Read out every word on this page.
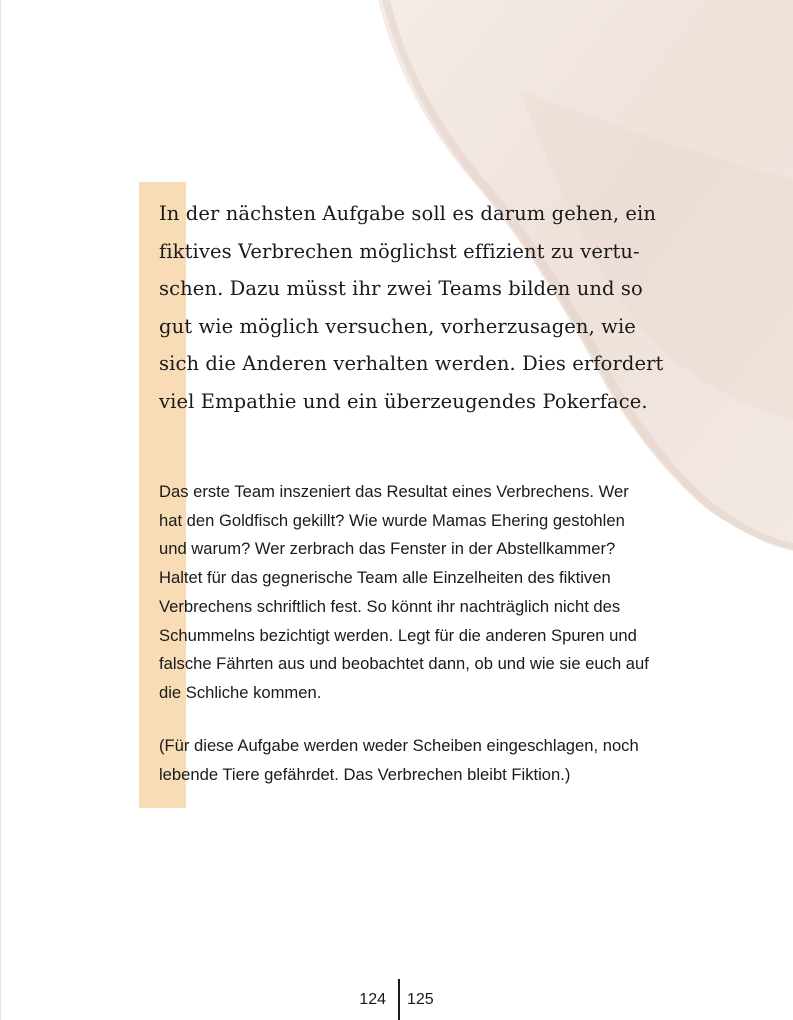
In der nächsten Aufgabe soll es darum gehen, ein
fiktives Verbrechen möglichst effizient zu vertu-
schen. Dazu müsst ihr zwei Teams bilden und so
gut wie möglich versuchen, vorherzusagen, wie
sich die Anderen verhalten werden. Dies erfordert
viel Empathie und ein überzeugendes Pokerface.

Das erste Team inszeniert das Resultat eines Verbrechens. Wer
hat den Goldfisch gekillt? Wie wurde Mamas Ehering gestohlen
und warum? Wer zerbrach das Fenster in der Abstellkammer?
Haltet für das gegnerische Team alle Einzelheiten des fiktiven
Verbrechens schriftlich fest. So könnt ihr nachträglich nicht des
Schummelns bezichtigt werden. Legt für die anderen Spuren und
falsche Fährten aus und beobachtet dann, ob und wie sie euch auf
die Schliche kommen.

(Für diese Aufgabe werden weder Scheiben eingeschlagen, noch
lebende Tiere gefährdet. Das Verbrechen bleibt Fiktion.)

124 125
